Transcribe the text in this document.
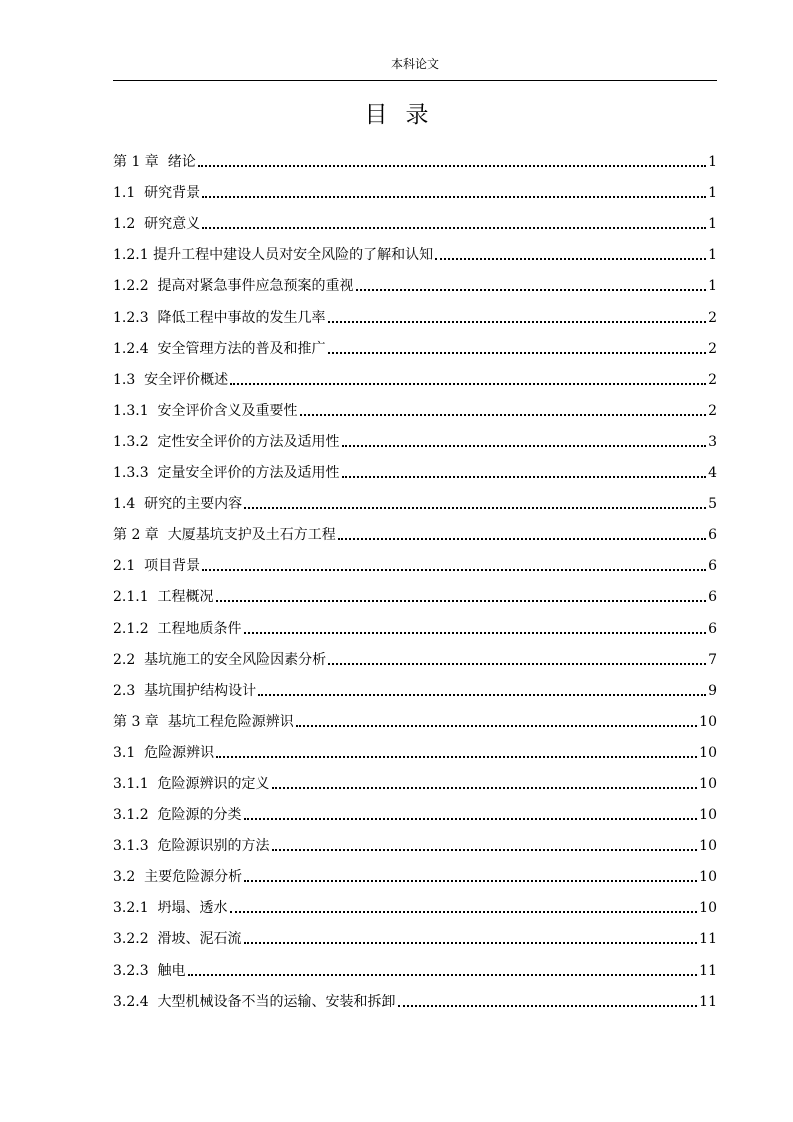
本科论文
目录
第 1 章  绪论	1
1.1  研究背景	1
1.2  研究意义	1
1.2.1 提升工程中建设人员对安全风险的了解和认知	1
1.2.2  提高对紧急事件应急预案的重视	1
1.2.3  降低工程中事故的发生几率	2
1.2.4  安全管理方法的普及和推广	2
1.3  安全评价概述	2
1.3.1  安全评价含义及重要性	2
1.3.2  定性安全评价的方法及适用性	3
1.3.3  定量安全评价的方法及适用性	4
1.4  研究的主要内容	5
第 2 章  大厦基坑支护及土石方工程	6
2.1  项目背景	6
2.1.1  工程概况	6
2.1.2  工程地质条件	6
2.2  基坑施工的安全风险因素分析	7
2.3  基坑围护结构设计	9
第 3 章  基坑工程危险源辨识	10
3.1  危险源辨识	10
3.1.1  危险源辨识的定义	10
3.1.2  危险源的分类	10
3.1.3  危险源识别的方法	10
3.2  主要危险源分析	10
3.2.1  坍塌、透水	10
3.2.2  滑坡、泥石流	11
3.2.3  触电	11
3.2.4  大型机械设备不当的运输、安装和拆卸	11
